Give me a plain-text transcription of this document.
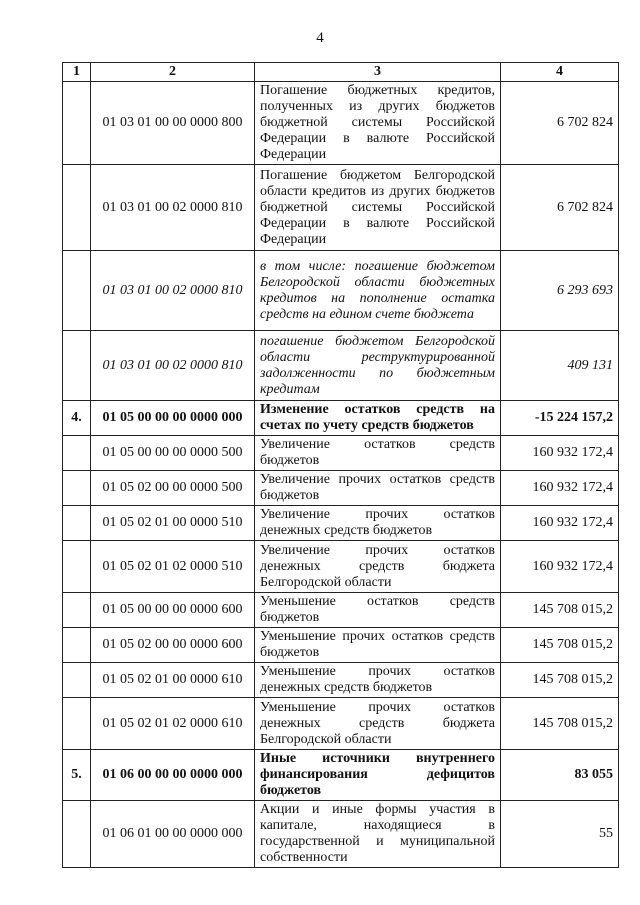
4
1	2	3	4
	01 03 01 00 00 0000 800	Погашение бюджетных кредитов, полученных из других бюджетов бюджетной системы Российской Федерации в валюте Российской Федерации	6 702 824
	01 03 01 00 02 0000 810	Погашение бюджетом Белгородской области кредитов из других бюджетов бюджетной системы Российской Федерации в валюте Российской Федерации	6 702 824
	01 03 01 00 02 0000 810	в том числе: погашение бюджетом Белгородской области бюджетных кредитов на пополнение остатка средств на едином счете бюджета	6 293 693
	01 03 01 00 02 0000 810	погашение бюджетом Белгородской области реструктурированной задолженности по бюджетным кредитам	409 131
4.	01 05 00 00 00 0000 000	Изменение остатков средств на счетах по учету средств бюджетов	-15 224 157,2
	01 05 00 00 00 0000 500	Увеличение остатков средств бюджетов	160 932 172,4
	01 05 02 00 00 0000 500	Увеличение прочих остатков средств бюджетов	160 932 172,4
	01 05 02 01 00 0000 510	Увеличение прочих остатков денежных средств бюджетов	160 932 172,4
	01 05 02 01 02 0000 510	Увеличение прочих остатков денежных средств бюджета Белгородской области	160 932 172,4
	01 05 00 00 00 0000 600	Уменьшение остатков средств бюджетов	145 708 015,2
	01 05 02 00 00 0000 600	Уменьшение прочих остатков средств бюджетов	145 708 015,2
	01 05 02 01 00 0000 610	Уменьшение прочих остатков денежных средств бюджетов	145 708 015,2
	01 05 02 01 02 0000 610	Уменьшение прочих остатков денежных средств бюджета Белгородской области	145 708 015,2
5.	01 06 00 00 00 0000 000	Иные источники внутреннего финансирования дефицитов бюджетов	83 055
	01 06 01 00 00 0000 000	Акции и иные формы участия в капитале, находящиеся в государственной и муниципальной собственности	55
